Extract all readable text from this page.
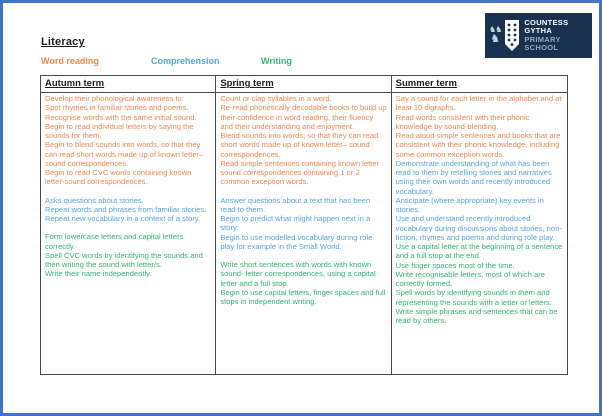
Literacy
Word reading	Comprehension	Writing
Autumn term
Develop their phonological awareness to:
Spot rhymes in familiar stories and poems.
Recognise words with the same initial sound.
Begin to read individual letters by saying the sounds for them.
Begin to blend sounds into words, so that they can read short words made up of known letter– sound correspondences.
Begin to read CVC words containing known letter-sound correspondences.
Asks questions about stories.
Repeat words and phrases from familiar stories.
Repeat new vocabulary in a context of a story.
Form lowercase letters and capital letters correctly.
Spell CVC words by identifying the sounds and then writing the sound with letter/s.
Write their name independently.
Spring term
Count or clap syllables in a word.
Re-read phonetically decodable books to build up their confidence in word reading, their fluency and their understanding and enjoyment.
Blend sounds into words, so that they can read short words made up of known letter– sound correspondences.
Read simple sentences containing known letter sound correspondences containing 1 or 2 common exception words.
Answer questions about a text that has been read to them.
Begin to predict what might happen next in a story.
Begin to use modelled vocabulary during role play for example in the Small World.
Write short sentences with words with known sound- letter correspondences, using a capital letter and a full stop.
Begin to use capital letters, finger spaces and full stops in independent writing.
Summer term
Say a sound for each letter in the alphabet and at least 10 digraphs.
Read words consistent with their phonic knowledge by sound-blending.
Read aloud simple sentences and books that are consistent with their phonic knowledge, including some common exception words.
Demonstrate understanding of what has been read to them by retelling stories and narratives using their own words and recently introduced vocabulary.
Anticipate (where appropriate) key events in stories.
Use and understand recently introduced vocabulary during discussions about stories, non-fiction, rhymes and poems and during role play.
Use a capital letter at the beginning of a sentence and a full stop at the end.
Use finger spaces most of the time.
Write recognisable letters, most of which are correctly formed.
Spell words by identifying sounds in them and representing the sounds with a letter or letters.
Write simple phrases and sentences that can be read by others.
♞♞
♞
COUNTESS
GYTHA
PRIMARY
SCHOOL
